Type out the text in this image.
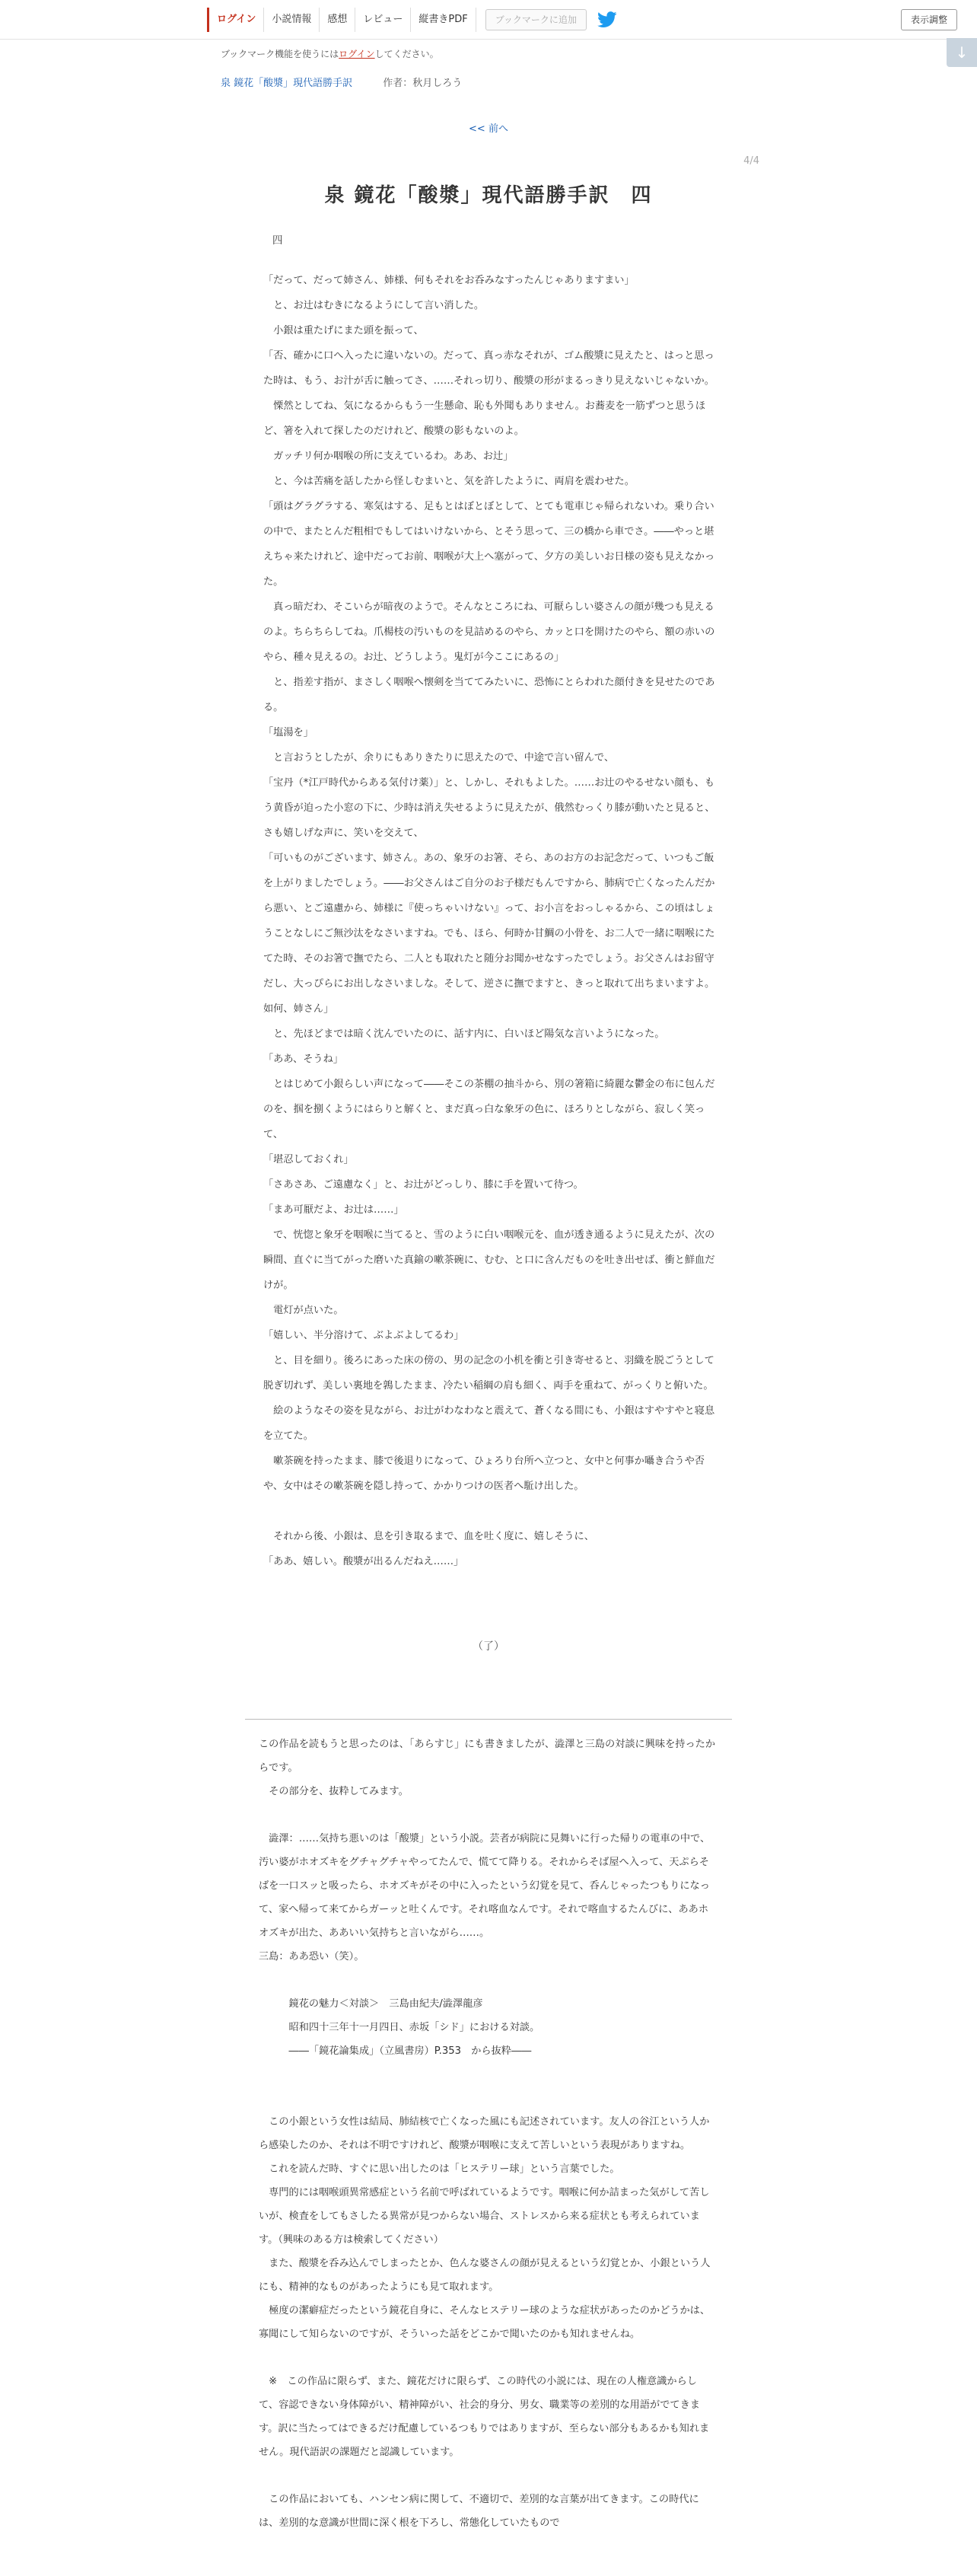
ログイン	小説情報	感想	レビュー	縦書きPDF	ブックマークに追加	表示調整
↓
ブックマーク機能を使うにはログインしてください。
泉 鏡花「酸漿」現代語勝手訳	作者：秋月しろう
<< 前へ
4/4
泉 鏡花「酸漿」現代語勝手訳　四
四

「だって、だって姉さん、姉様、何もそれをお呑みなすったんじゃありますまい」

　と、お辻はむきになるようにして言い消した。

　小銀は重たげにまた頭を振って、

「否、確かに口へ入ったに違いないの。だって、真っ赤なそれが、ゴム酸漿に見えたと、はっと思った時は、もう、お汁が舌に触ってさ、……それっ切り、酸漿の形がまるっきり見えないじゃないか。

　慄然としてね、気になるからもう一生懸命、恥も外聞もありません。お蕎麦を一筋ずつと思うほど、箸を入れて探したのだけれど、酸漿の影もないのよ。

　ガッチリ何か咽喉の所に支えているわ。ああ、お辻」

　と、今は苦痛を話したから怪しむまいと、気を許したように、両肩を震わせた。

「頭はグラグラする、寒気はする、足もとはぼとぼとして、とても電車じゃ帰られないわ。乗り合いの中で、またとんだ粗相でもしてはいけないから、とそう思って、三の橋から車でさ。――やっと堪えちゃ来たけれど、途中だってお前、咽喉が大上へ塞がって、夕方の美しいお日様の姿も見えなかった。

　真っ暗だわ、そこいらが暗夜のようで。そんなところにね、可厭らしい婆さんの顔が幾つも見えるのよ。ちらちらしてね。爪楊枝の汚いものを見詰めるのやら、カッと口を開けたのやら、額の赤いのやら、種々見えるの。お辻、どうしよう。鬼灯が今ここにあるの」

　と、指差す指が、まさしく咽喉へ懐剣を当ててみたいに、恐怖にとらわれた顔付きを見せたのである。

「塩湯を」

　と言おうとしたが、余りにもありきたりに思えたので、中途で言い留んで、

「宝丹（*江戸時代からある気付け薬）」と、しかし、それもよした。……お辻のやるせない顔も、もう黄昏が迫った小窓の下に、少時は消え失せるように見えたが、俄然むっくり膝が動いたと見ると、さも嬉しげな声に、笑いを交えて、

「可いものがございます、姉さん。あの、象牙のお箸、そら、あのお方のお記念だって、いつもご飯を上がりましたでしょう。――お父さんはご自分のお子様だもんですから、肺病で亡くなったんだから悪い、とご遠慮から、姉様に『使っちゃいけない』って、お小言をおっしゃるから、この頃はしょうことなしにご無沙汰をなさいますね。でも、ほら、何時か甘鯛の小骨を、お二人で一緒に咽喉にたてた時、そのお箸で撫でたら、二人とも取れたと随分お聞かせなすったでしょう。お父さんはお留守だし、大っぴらにお出しなさいましな。そして、逆さに撫でますと、きっと取れて出ちまいますよ。如何、姉さん」

　と、先ほどまでは暗く沈んでいたのに、話す内に、白いほど陽気な言いようになった。

「ああ、そうね」

　とはじめて小銀らしい声になって――そこの茶棚の抽斗から、別の箸箱に綺麗な鬱金の布に包んだのを、掴を捌くようにはらりと解くと、まだ真っ白な象牙の色に、ほろりとしながら、寂しく笑って、

「堪忍しておくれ」

「さあさあ、ご遠慮なく」と、お辻がどっしり、膝に手を置いて待つ。

「まあ可厭だよ、お辻は……」

　で、恍惚と象牙を咽喉に当てると、雪のように白い咽喉元を、血が透き通るように見えたが、次の瞬間、直ぐに当てがった磨いた真鍮の嗽茶碗に、むむ、と口に含んだものを吐き出せば、衝と鮮血だけが。

　電灯が点いた。

「嬉しい、半分溶けて、ぶよぶよしてるわ」

　と、目を細り。後ろにあった床の傍の、男の記念の小机を衝と引き寄せると、羽織を脱ごうとして脱ぎ切れず、美しい裏地を鶉したまま、冷たい稲綱の肩も細く、両手を重ねて、がっくりと俯いた。

　絵のようなその姿を見ながら、お辻がわなわなと震えて、蒼くなる間にも、小銀はすやすやと寝息を立てた。

　嗽茶碗を持ったまま、膝で後退りになって、ひょろり台所へ立つと、女中と何事か囁き合うや否や、女中はその嗽茶碗を隠し持って、かかりつけの医者へ駈け出した。

　それから後、小銀は、息を引き取るまで、血を吐く度に、嬉しそうに、

「ああ、嬉しい。酸漿が出るんだねえ……」

（了）

この作品を読もうと思ったのは、「あらすじ」にも書きましたが、澁澤と三島の対談に興味を持ったからです。

　その部分を、抜粋してみます。

　澁澤：……気持ち悪いのは「酸漿」という小説。芸者が病院に見舞いに行った帰りの電車の中で、汚い婆がホオズキをグチャグチャやってたんで、慌てて降りる。それからそば屋へ入って、天ぷらそばを一口スッと吸ったら、ホオズキがその中に入ったという幻覚を見て、呑んじゃったつもりになって、家へ帰って来てからガーッと吐くんです。それ喀血なんです。それで喀血するたんびに、ああホオズキが出た、ああいい気持ちと言いながら……。

三島：ああ恐い（笑）。

　　　鏡花の魅力＜対談＞　三島由紀夫/澁澤龍彦

　　　昭和四十三年十一月四日、赤坂「シド」における対談。

　　　――「鏡花論集成」（立風書房）P.353　から抜粋――

　この小銀という女性は結局、肺結核で亡くなった風にも記述されています。友人の谷江という人から感染したのか、それは不明ですけれど、酸漿が咽喉に支えて苦しいという表現がありますね。

　これを読んだ時、すぐに思い出したのは「ヒステリー球」という言葉でした。

　専門的には咽喉頭異常感症という名前で呼ばれているようです。咽喉に何か詰まった気がして苦しいが、検査をしてもさしたる異常が見つからない場合、ストレスから来る症状とも考えられています。（興味のある方は検索してください）

　また、酸漿を呑み込んでしまったとか、色んな婆さんの顔が見えるという幻覚とか、小銀という人にも、精神的なものがあったようにも見て取れます。

　極度の潔癖症だったという鏡花自身に、そんなヒステリー球のような症状があったのかどうかは、寡聞にして知らないのですが、そういった話をどこかで聞いたのかも知れませんね。

　※　この作品に限らず、また、鏡花だけに限らず、この時代の小説には、現在の人権意識からして、容認できない身体障がい、精神障がい、社会的身分、男女、職業等の差別的な用語がでてきます。訳に当たってはできるだけ配慮しているつもりではありますが、至らない部分もあるかも知れません。現代語訳の課題だと認識しています。

　この作品においても、ハンセン病に関して、不適切で、差別的な言葉が出てきます。この時代には、差別的な意識が世間に深く根を下ろし、常態化していたもので
